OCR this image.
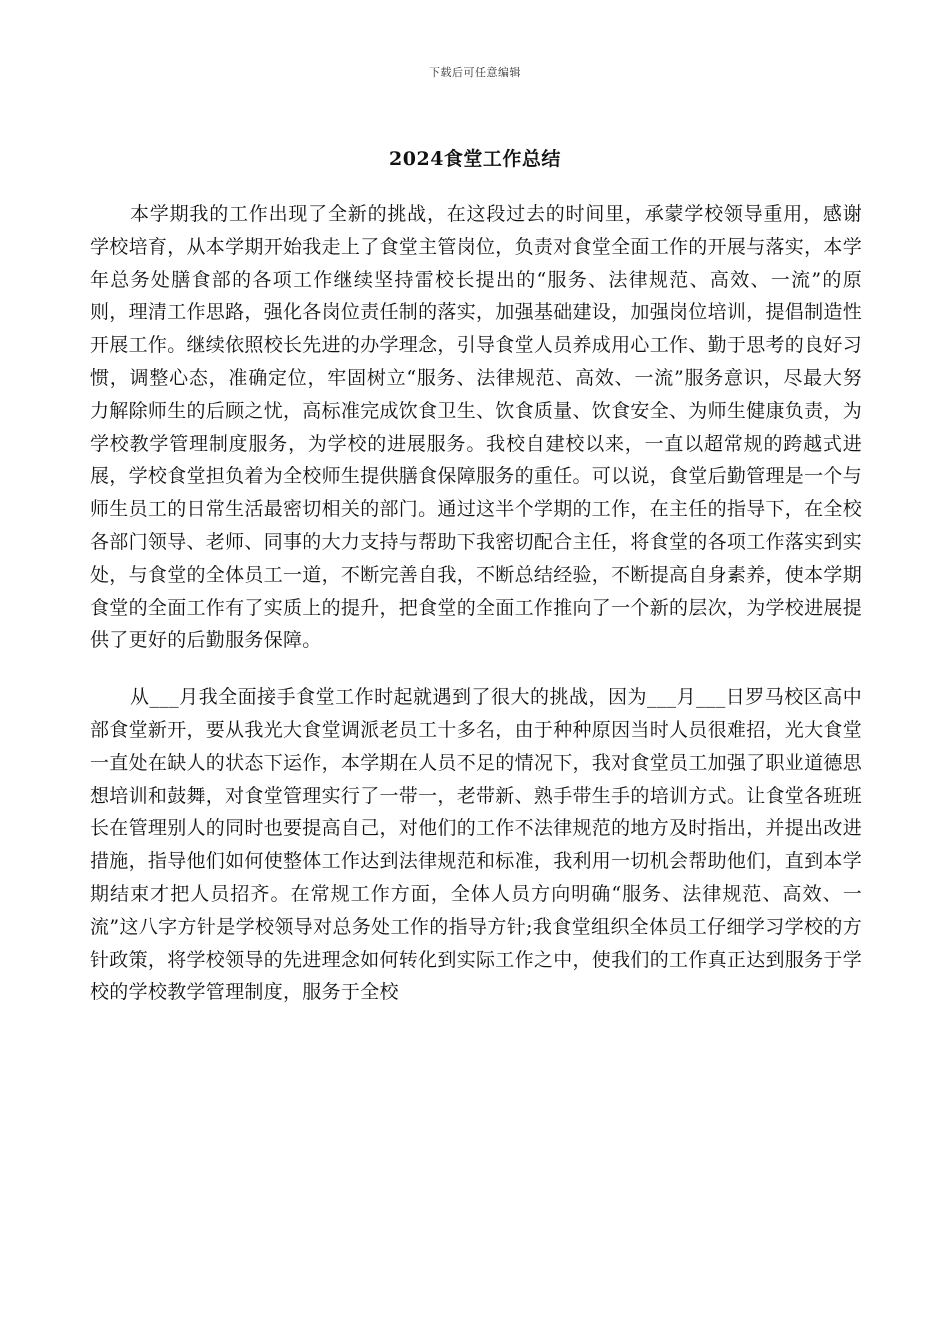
下载后可任意编辑
2024食堂工作总结

本学期我的工作出现了全新的挑战，在这段过去的时间里，承蒙学校领导重用，感谢学校培育，从本学期开始我走上了食堂主管岗位，负责对食堂全面工作的开展与落实，本学年总务处膳食部的各项工作继续坚持雷校长提出的“服务、法律规范、高效、一流”的原则，理清工作思路，强化各岗位责任制的落实，加强基础建设，加强岗位培训，提倡制造性开展工作。继续依照校长先进的办学理念，引导食堂人员养成用心工作、勤于思考的良好习惯，调整心态，准确定位，牢固树立“服务、法律规范、高效、一流”服务意识，尽最大努力解除师生的后顾之忧，高标准完成饮食卫生、饮食质量、饮食安全、为师生健康负责，为学校教学管理制度服务，为学校的进展服务。我校自建校以来，一直以超常规的跨越式进展，学校食堂担负着为全校师生提供膳食保障服务的重任。可以说，食堂后勤管理是一个与师生员工的日常生活最密切相关的部门。通过这半个学期的工作，在主任的指导下，在全校各部门领导、老师、同事的大力支持与帮助下我密切配合主任，将食堂的各项工作落实到实处，与食堂的全体员工一道，不断完善自我，不断总结经验，不断提高自身素养，使本学期食堂的全面工作有了实质上的提升，把食堂的全面工作推向了一个新的层次，为学校进展提供了更好的后勤服务保障。

从___月我全面接手食堂工作时起就遇到了很大的挑战，因为___月___日罗马校区高中部食堂新开，要从我光大食堂调派老员工十多名，由于种种原因当时人员很难招，光大食堂一直处在缺人的状态下运作，本学期在人员不足的情况下，我对食堂员工加强了职业道德思想培训和鼓舞，对食堂管理实行了一带一，老带新、熟手带生手的培训方式。让食堂各班班长在管理别人的同时也要提高自己，对他们的工作不法律规范的地方及时指出，并提出改进措施，指导他们如何使整体工作达到法律规范和标准，我利用一切机会帮助他们，直到本学期结束才把人员招齐。在常规工作方面，全体人员方向明确“服务、法律规范、高效、一流”这八字方针是学校领导对总务处工作的指导方针;我食堂组织全体员工仔细学习学校的方针政策，将学校领导的先进理念如何转化到实际工作之中，使我们的工作真正达到服务于学校的学校教学管理制度，服务于全校
